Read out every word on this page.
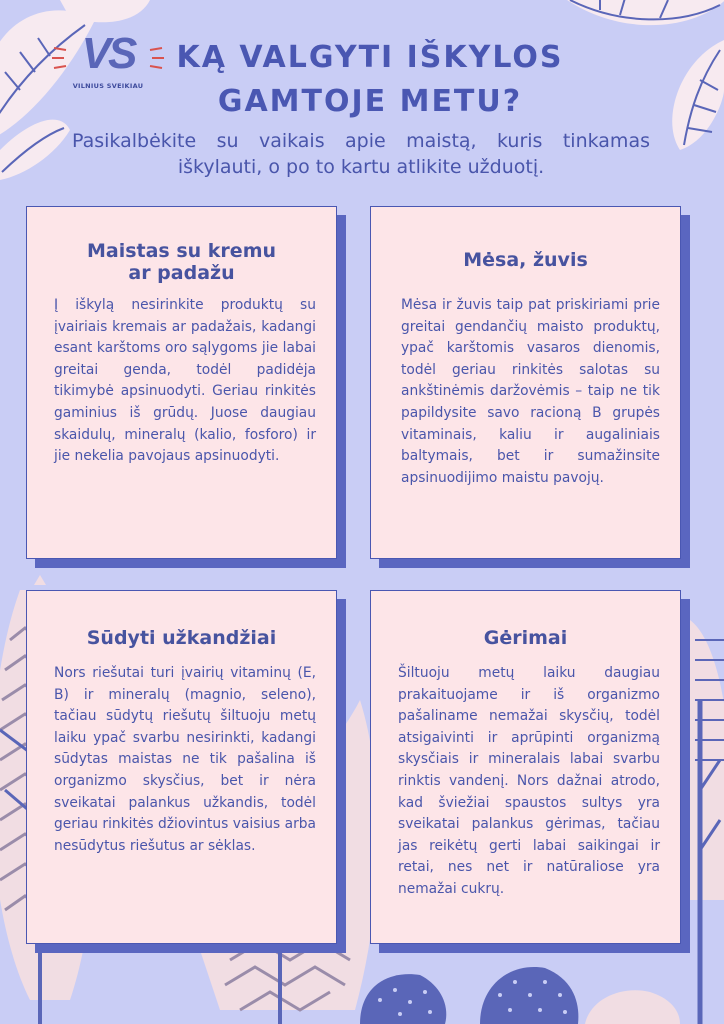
VS
VILNIUS SVEIKIAU
KĄ VALGYTI IŠKYLOS
GAMTOJE METU?
Pasikalbėkite su vaikais apie maistą, kuris tinkamas iškylauti, o po to kartu atlikite užduotį.
Maistas su kremu
ar padažu

Į iškylą nesirinkite produktų su įvairiais kremais ar padažais, kadangi esant karštoms oro sąlygoms jie labai greitai genda, todėl padidėja tikimybė apsinuodyti. Geriau rinkitės gaminius iš grūdų. Juose daugiau skaidulų, mineralų (kalio, fosforo) ir jie nekelia pavojaus apsinuodyti.

Mėsa, žuvis

Mėsa ir žuvis taip pat priskiriami prie greitai gendančių maisto produktų, ypač karštomis vasaros dienomis, todėl geriau rinkitės salotas su ankštinėmis daržovėmis – taip ne tik papildysite savo racioną B grupės vitaminais, kaliu ir augaliniais baltymais, bet ir sumažinsite apsinuodijimo maistu pavojų.

Sūdyti užkandžiai

Nors riešutai turi įvairių vitaminų (E, B) ir mineralų (magnio, seleno), tačiau sūdytų riešutų šiltuoju metų laiku ypač svarbu nesirinkti, kadangi sūdytas maistas ne tik pašalina iš organizmo skysčius, bet ir nėra sveikatai palankus užkandis, todėl geriau rinkitės džiovintus vaisius arba nesūdytus riešutus ar sėklas.

Gėrimai

Šiltuoju metų laiku daugiau prakaituojame ir iš organizmo pašaliname nemažai skysčių, todėl atsigaivinti ir aprūpinti organizmą skysčiais ir mineralais labai svarbu rinktis vandenį. Nors dažnai atrodo, kad šviežiai spaustos sultys yra sveikatai palankus gėrimas, tačiau jas reikėtų gerti labai saikingai ir retai, nes net ir natūraliose yra nemažai cukrų.
